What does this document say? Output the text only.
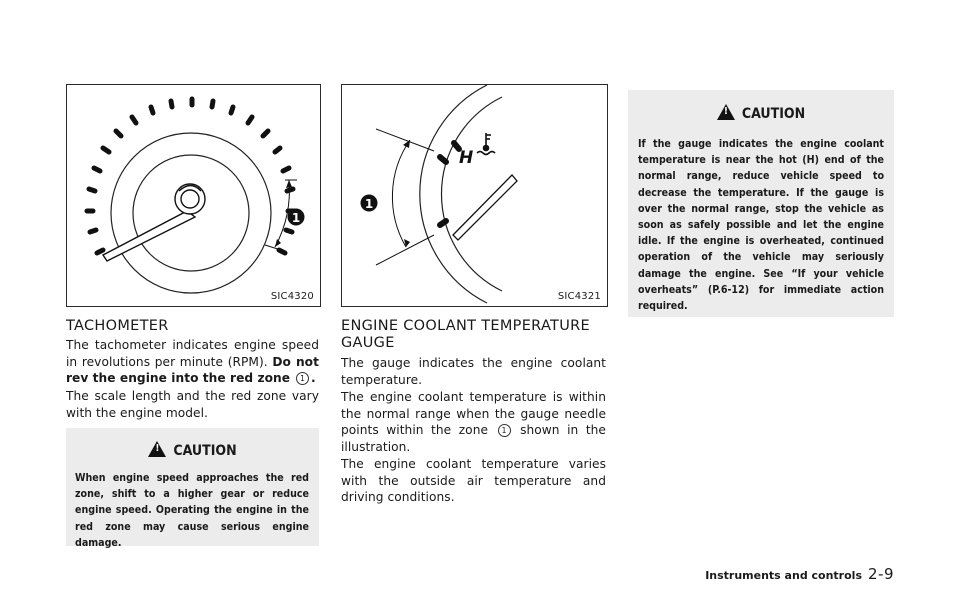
1
SIC4320
H
1
SIC4321
TACHOMETER

The tachometer indicates engine speed in revolutions per minute (RPM). Do not rev the engine into the red zone 1 .

The scale length and the red zone vary with the engine model.

! CAUTION

When engine speed approaches the red zone, shift to a higher gear or reduce engine speed. Operating the engine in the red zone may cause serious engine damage.

ENGINE COOLANT TEMPERATURE GAUGE

The gauge indicates the engine coolant temperature.

The engine coolant temperature is within the normal range when the gauge needle points within the zone 1 shown in the illustration.

The engine coolant temperature varies with the outside air temperature and driving conditions.

! CAUTION

If the gauge indicates the engine coolant temperature is near the hot (H) end of the normal range, reduce vehicle speed to decrease the temperature. If the gauge is over the normal range, stop the vehicle as soon as safely possible and let the engine idle. If the engine is overheated, continued operation of the vehicle may seriously damage the engine. See “If your vehicle overheats” (P.6-12) for immediate action required.

Instruments and controls 2-9
